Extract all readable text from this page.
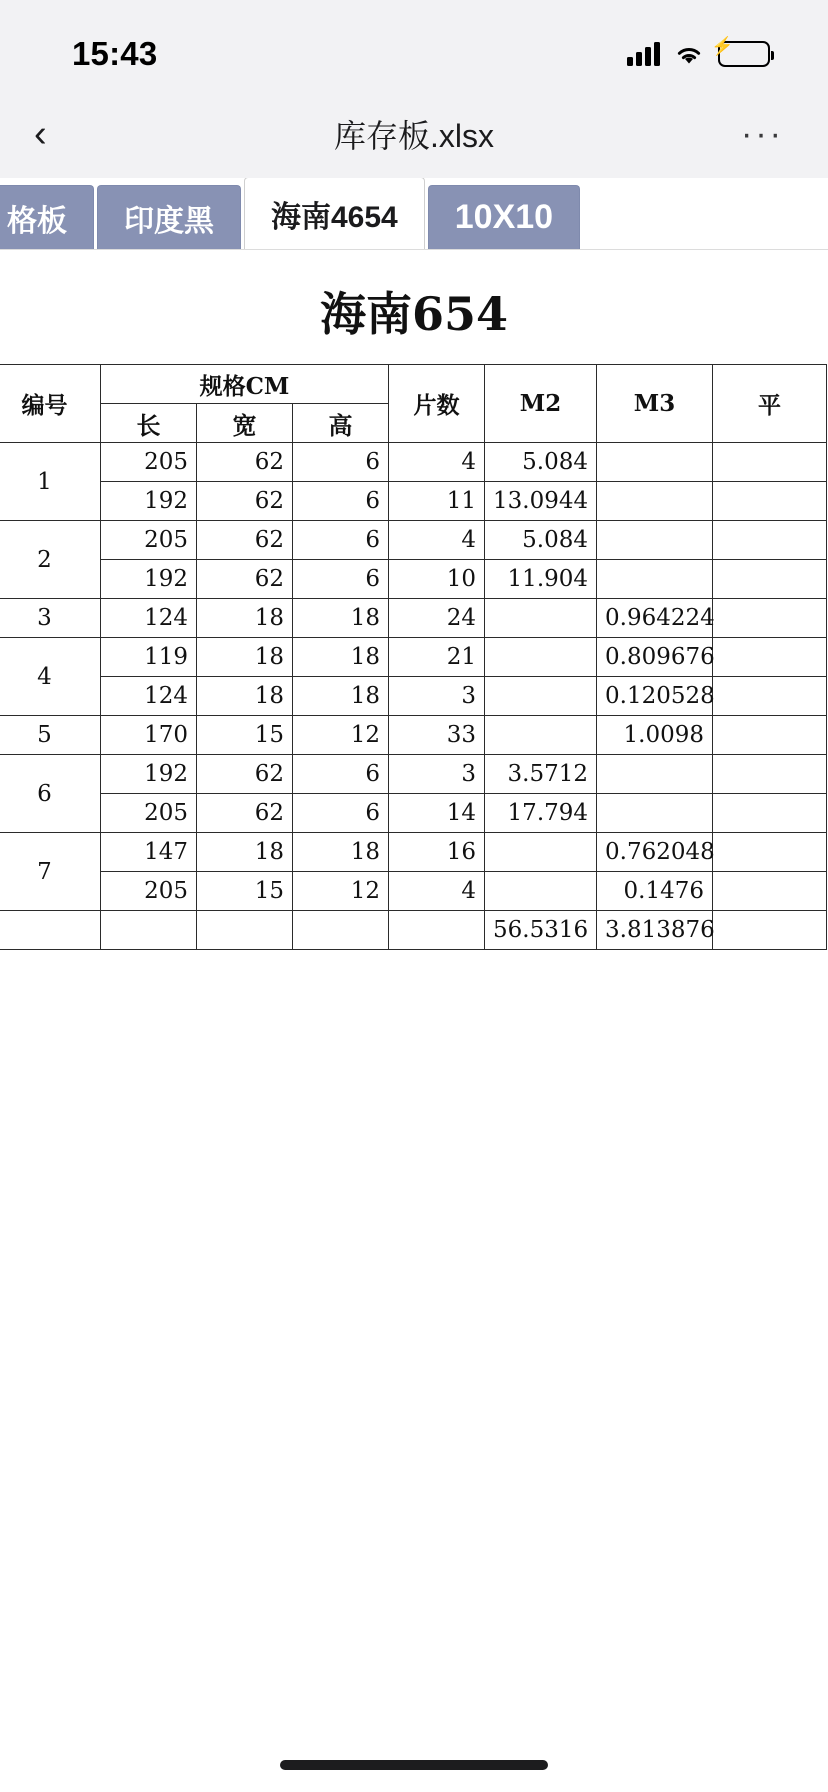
15:43	⚡
‹	库存板.xlsx	···
格板	印度黑	海南4654	10X10
海南654
编号	规格CM			片数	M2	M3	平
	长	宽	高				
1	205	62	6	4	5.084		
	192	62	6	11	13.0944		
2	205	62	6	4	5.084		
	192	62	6	10	11.904		
3	124	18	18	24		0.964224	
4	119	18	18	21		0.809676	
	124	18	18	3		0.120528	
5	170	15	12	33		1.0098	
6	192	62	6	3	3.5712		
	205	62	6	14	17.794		
7	147	18	18	16		0.762048	
	205	15	12	4		0.1476	
					56.5316	3.813876	
